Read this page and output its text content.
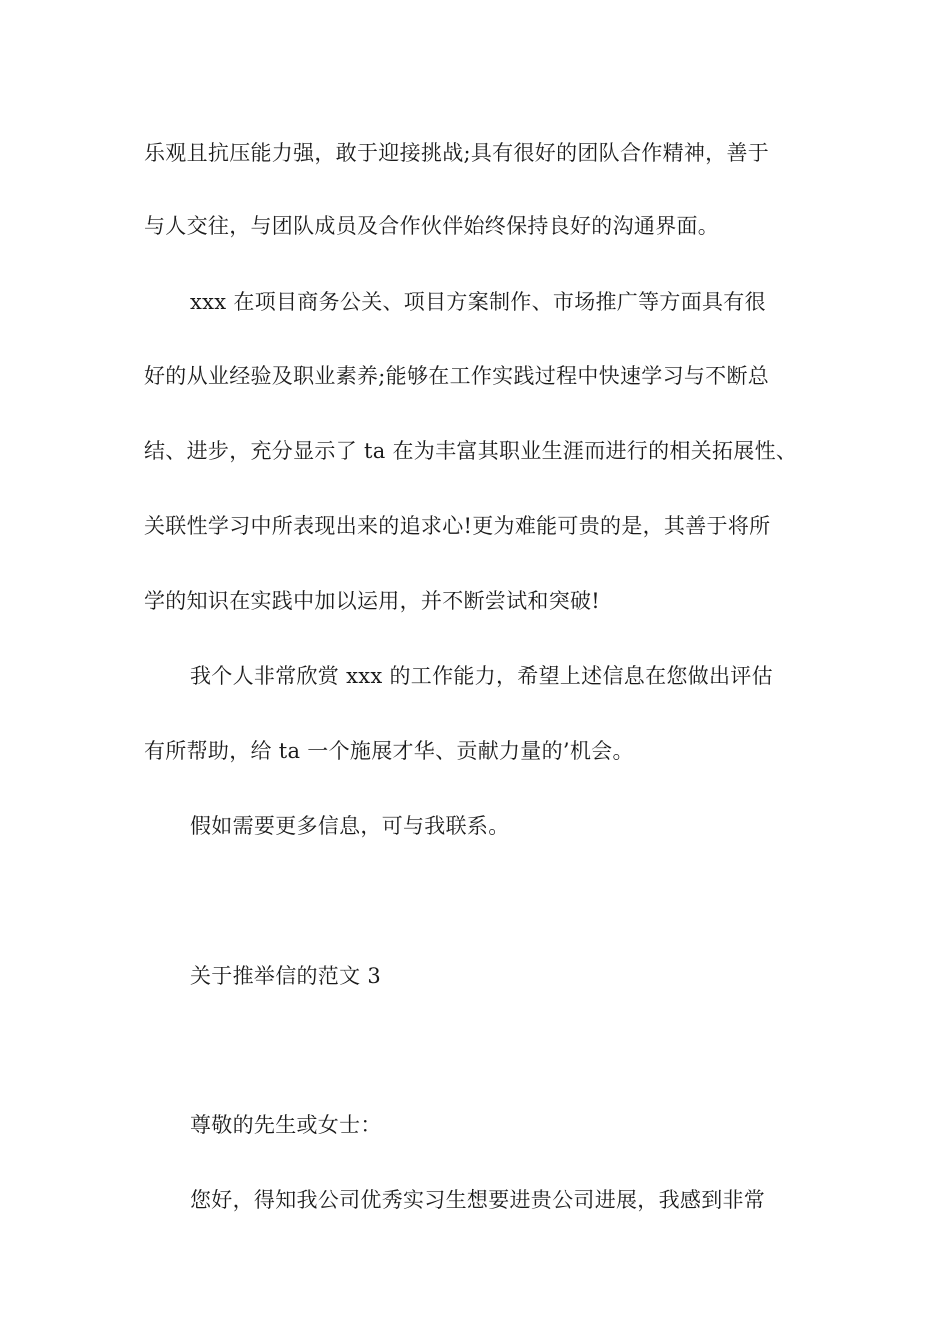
乐观且抗压能力强，敢于迎接挑战;具有很好的团队合作精神，善于
与人交往，与团队成员及合作伙伴始终保持良好的沟通界面。
xxx 在项目商务公关、项目方案制作、市场推广等方面具有很
好的从业经验及职业素养;能够在工作实践过程中快速学习与不断总
结、进步，充分显示了 ta 在为丰富其职业生涯而进行的相关拓展性、
关联性学习中所表现出来的追求心!更为难能可贵的是，其善于将所
学的知识在实践中加以运用，并不断尝试和突破!
我个人非常欣赏 xxx 的工作能力，希望上述信息在您做出评估
有所帮助，给 ta 一个施展才华、贡献力量的’机会。
假如需要更多信息，可与我联系。
关于推举信的范文 3
尊敬的先生或女士：
您好，得知我公司优秀实习生想要进贵公司进展，我感到非常
